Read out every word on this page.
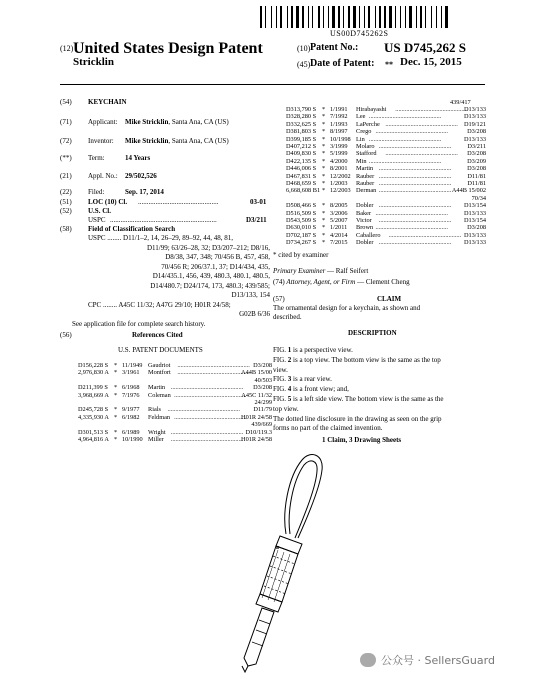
US00D745262S
(12) United States Design Patent	(10) Patent No.: US D745,262 S
Stricklin	(45) Date of Patent: ** Dec. 15, 2015
(54) KEYCHAIN
(71) Applicant: Mike Stricklin, Santa Ana, CA (US)
(72) Inventor: Mike Stricklin, Santa Ana, CA (US)
(**) Term:	14 Years
(21) Appl. No.: 29/502,526
(22) Filed:	Sep. 17, 2014
(51) LOC (10) Cl. ..............................................	03-01
(52) U.S. Cl.
USPC .............................................................	D3/211
(58) Field of Classification Search
USPC ........ D11/1–2, 14, 26–29, 89–92, 44, 48, 81,
D11/99; 63/26–28, 32; D3/207–212; D8/16,
D8/38, 347, 348; 70/456 B, 457, 458,
70/456 R; 206/37.1, 37; D14/434, 435,
D14/435.1, 456, 439, 480.3, 480.1, 480.5,
D14/480.7; D24/174, 173, 480.3; 439/585;
D13/133, 154
CPC ........ A45C 11/32; A47G 29/10; H01R 24/58;
G02B 6/36
See application file for complete search history.
(56)	References Cited
U.S. PATENT DOCUMENTS
D156,228 S * 11/1949 Gaudriot .............................................. D3/208
2,976,830 A * 3/1961 Montfort ..............................................
A44B 15/00
40/503
D211,399 S * 6/1968 Martin .............................................. D3/208
3,968,669 A * 7/1976 Coleman ..............................................
A45C 11/32
24/299
D245,728 S * 9/1977 Rials .............................................. D11/79
4,335,930 A * 6/1982 Feldman ..............................................
H01R 24/58
439/669
D301,513 S * 6/1989 Wright .............................................. D10/119.3
4,964,816 A * 10/1990 Miller ..............................................
H01R 24/58
439/417
D313,790 S * 1/1991 Hirabayashi ..............................................
D13/133
D328,280 S * 7/1992 Lee ..............................................	D13/133
D332,625 S * 1/1993 LaPerche .............................................. D19/121
D381,803 S * 8/1997 Crego ..............................................	D3/208
D399,185 S * 10/1998 Lin ..............................................	D13/133
D407,212 S * 3/1999 Molaro ..............................................	D3/211
D409,830 S * 5/1999 Stafford .............................................. D3/208
D422,135 S * 4/2000 Min ..............................................	D3/209
D446,006 S * 8/2001 Martin ..............................................	D3/208
D467,831 S * 12/2002 Rauber ..............................................	D11/81
D468,659 S * 1/2003 Rauber ..............................................	D11/81
6,668,608 B1 * 12/2003 Derman .............................................. A44B 15/002
70/34
D508,466 S * 8/2005 Dobler .............................................. D13/154
D516,509 S * 3/2006 Baker ..............................................	D13/133
D543,509 S * 5/2007 Victor .............................................. D13/154
D630,010 S * 1/2011 Brown ..............................................	D3/208
D702,187 S * 4/2014 Caballero .............................................. D13/133
D734,267 S * 7/2015 Dobler .............................................. D13/133
* cited by examiner
Primary Examiner — Ralf Seifert
(74) Attorney, Agent, or Firm — Clement Cheng
(57)	CLAIM
The ornamental design for a keychain, as shown and
described.
DESCRIPTION
FIG. 1 is a perspective view.
FIG. 2 is a top view. The bottom view is the same as the top
view.
FIG. 3 is a rear view.
FIG. 4 is a front view; and,
FIG. 5 is a left side view. The bottom view is the same as the
top view.
The dotted line disclosure in the drawing as seen on the grip
forms no part of the claimed invention.
1 Claim, 3 Drawing Sheets
公众号 · SellersGuard
